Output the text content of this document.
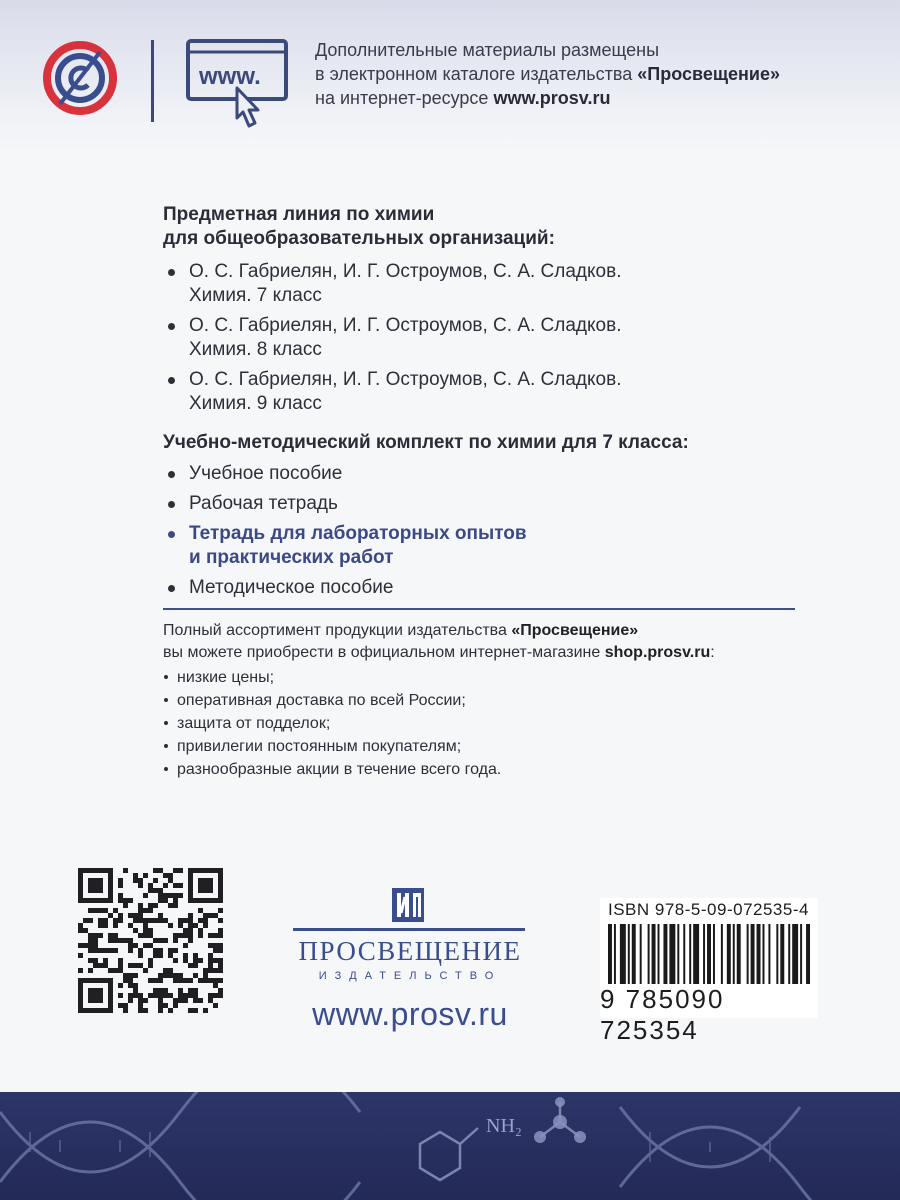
www.
Дополнительные материалы размещены
в электронном каталоге издательства «Просвещение»
на интернет-ресурсе www.prosv.ru
Предметная линия по химии
для общеобразовательных организаций:
О. С. Габриелян, И. Г. Остроумов, С. А. Сладков.
Химия. 7 класс
О. С. Габриелян, И. Г. Остроумов, С. А. Сладков.
Химия. 8 класс
О. С. Габриелян, И. Г. Остроумов, С. А. Сладков.
Химия. 9 класс
Учебно-методический комплект по химии для 7 класса:
Учебное пособие
Рабочая тетрадь
Тетрадь для лабораторных опытов
и практических работ
Методическое пособие
Полный ассортимент продукции издательства «Просвещение»
вы можете приобрести в официальном интернет-магазине shop.prosv.ru:
низкие цены;
оперативная доставка по всей России;
защита от подделок;
привилегии постоянным покупателям;
разнообразные акции в течение всего года.
ПРОСВЕЩЕНИЕ
ИЗДАТЕЛЬСТВО
www.prosv.ru
ISBN 978-5-09-072535-4
9 785090 725354
NH₂
